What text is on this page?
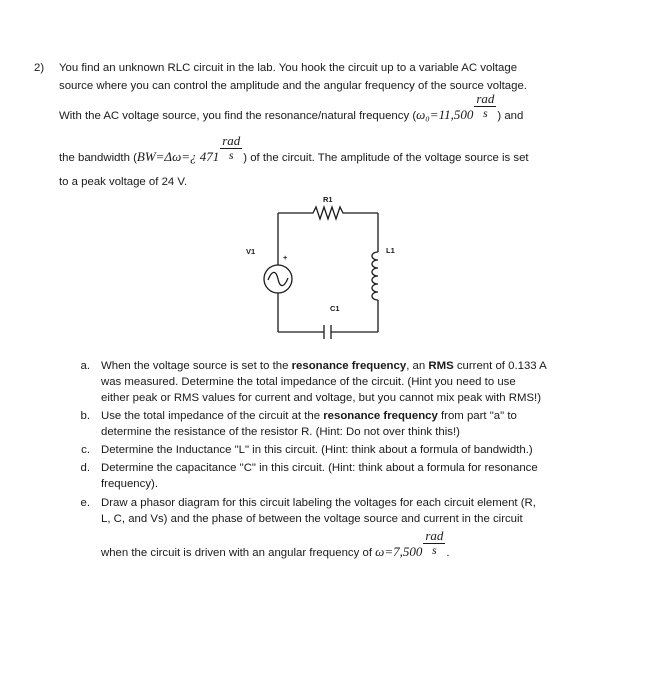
2) You find an unknown RLC circuit in the lab. You hook the circuit up to a variable AC voltage
source where you can control the amplitude and the angular frequency of the source voltage.
With the AC voltage source, you find the resonance/natural frequency ($\omega_0=11,500 \frac{\text{rad}}{s}$ ) and
the bandwidth (BW=Δω=¿ $471 \frac{\text{rad}}{s}$ ) of the circuit. The amplitude of the voltage source is set
to a peak voltage of 24 V.
R1
V1
+
L1
C1
a. When the voltage source is set to the resonance frequency, an RMS current of 0.133 A
was measured. Determine the total impedance of the circuit. (Hint you need to use
either peak or RMS values for current and voltage, but you cannot mix peak with RMS!)
b. Use the total impedance of the circuit at the resonance frequency from part "a" to
determine the resistance of the resistor R. (Hint: Do not over think this!)
c. Determine the Inductance "L" in this circuit. (Hint: think about a formula of bandwidth.)
d. Determine the capacitance "C" in this circuit. (Hint: think about a formula for resonance
frequency).
e. Draw a phasor diagram for this circuit labeling the voltages for each circuit element (R,
L, C, and Vs) and the phase of between the voltage source and current in the circuit
when the circuit is driven with an angular frequency of $\omega=7,500 \frac{\text{rad}}{s}$ .
